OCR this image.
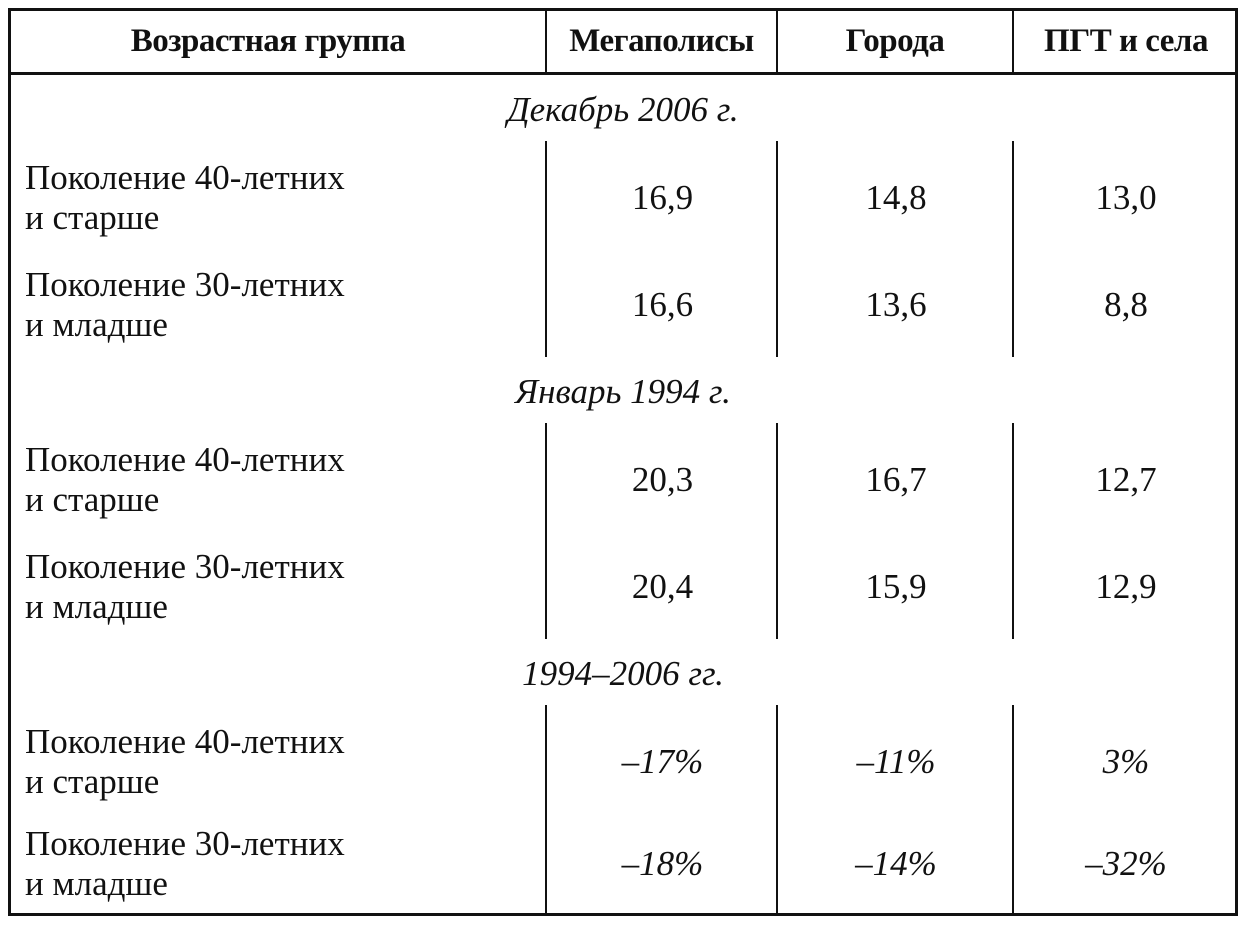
Возрастная группа	Мегаполисы	Города	ПГТ и села
Декабрь 2006 г.
Поколение 40-летних
и старше
16,9	14,8	13,0
Поколение 30-летних
и младше
16,6	13,6	8,8
Январь 1994 г.
Поколение 40-летних
и старше
20,3	16,7	12,7
Поколение 30-летних
и младше
20,4	15,9	12,9
1994–2006 гг.
Поколение 40-летних
и старше
–17%	–11%	3%
Поколение 30-летних
и младше
–18%	–14%	–32%
